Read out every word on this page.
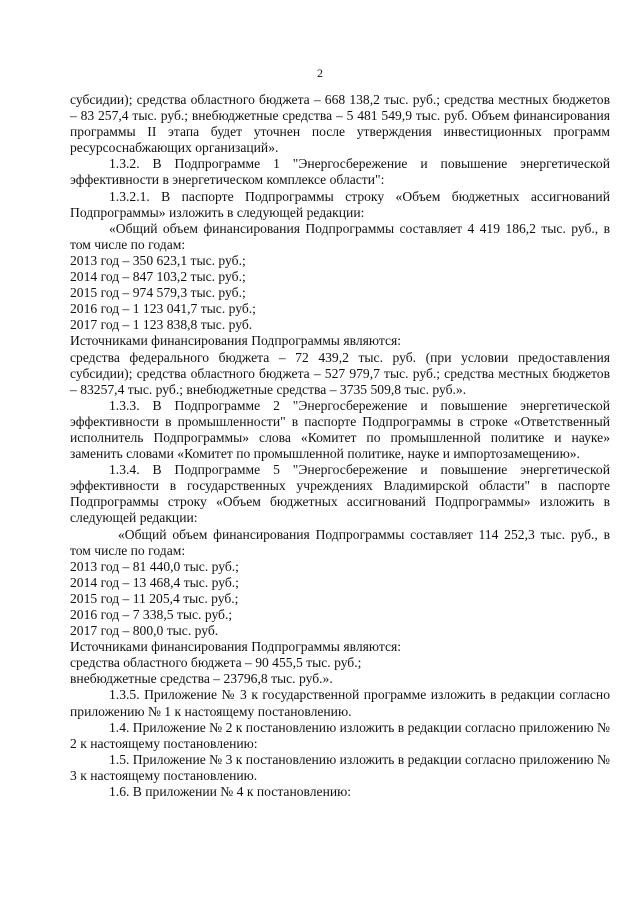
2

субсидии); средства областного бюджета – 668 138,2 тыс. руб.; средства местных бюджетов – 83 257,4 тыс. руб.; внебюджетные средства – 5 481 549,9 тыс. руб. Объем финансирования программы II этапа будет уточнен после утверждения инвестиционных программ ресурсоснабжающих организаций».

1.3.2. В Подпрограмме 1 "Энергосбережение и повышение энергетической эффективности в энергетическом комплексе области":

1.3.2.1. В паспорте Подпрограммы строку «Объем бюджетных ассигнований Подпрограммы» изложить в следующей редакции:

«Общий объем финансирования Подпрограммы составляет 4 419 186,2 тыс. руб., в том числе по годам:

2013 год – 350 623,1 тыс. руб.;

2014 год – 847 103,2 тыс. руб.;

2015 год – 974 579,3 тыс. руб.;

2016 год – 1 123 041,7 тыс. руб.;

2017 год – 1 123 838,8 тыс. руб.

Источниками финансирования Подпрограммы являются:

средства федерального бюджета – 72 439,2 тыс. руб. (при условии предоставления субсидии); средства областного бюджета – 527 979,7 тыс. руб.; средства местных бюджетов – 83257,4 тыс. руб.; внебюджетные средства – 3735 509,8 тыс. руб.».

1.3.3. В Подпрограмме 2 "Энергосбережение и повышение энергетической эффективности в промышленности" в паспорте Подпрограммы в строке «Ответственный исполнитель Подпрограммы» слова «Комитет по промышленной политике и науке» заменить словами «Комитет по промышленной политике, науке и импортозамещению».

1.3.4. В Подпрограмме 5 "Энергосбережение и повышение энергетической эффективности в государственных учреждениях Владимирской области" в паспорте Подпрограммы строку «Объем бюджетных ассигнований Подпрограммы» изложить в следующей редакции:

«Общий объем финансирования Подпрограммы составляет 114 252,3 тыс. руб., в том числе по годам:

2013 год – 81 440,0 тыс. руб.;

2014 год – 13 468,4 тыс. руб.;

2015 год – 11 205,4 тыс. руб.;

2016 год – 7 338,5 тыс. руб.;

2017 год – 800,0 тыс. руб.

Источниками финансирования Подпрограммы являются:

средства областного бюджета – 90 455,5 тыс. руб.;

внебюджетные средства – 23796,8 тыс. руб.».

1.3.5. Приложение № 3 к государственной программе изложить в редакции согласно приложению № 1 к настоящему постановлению.

1.4. Приложение № 2 к постановлению изложить в редакции согласно приложению № 2 к настоящему постановлению:

1.5. Приложение № 3 к постановлению изложить в редакции согласно приложению № 3 к настоящему постановлению.

1.6. В приложении № 4 к постановлению:
